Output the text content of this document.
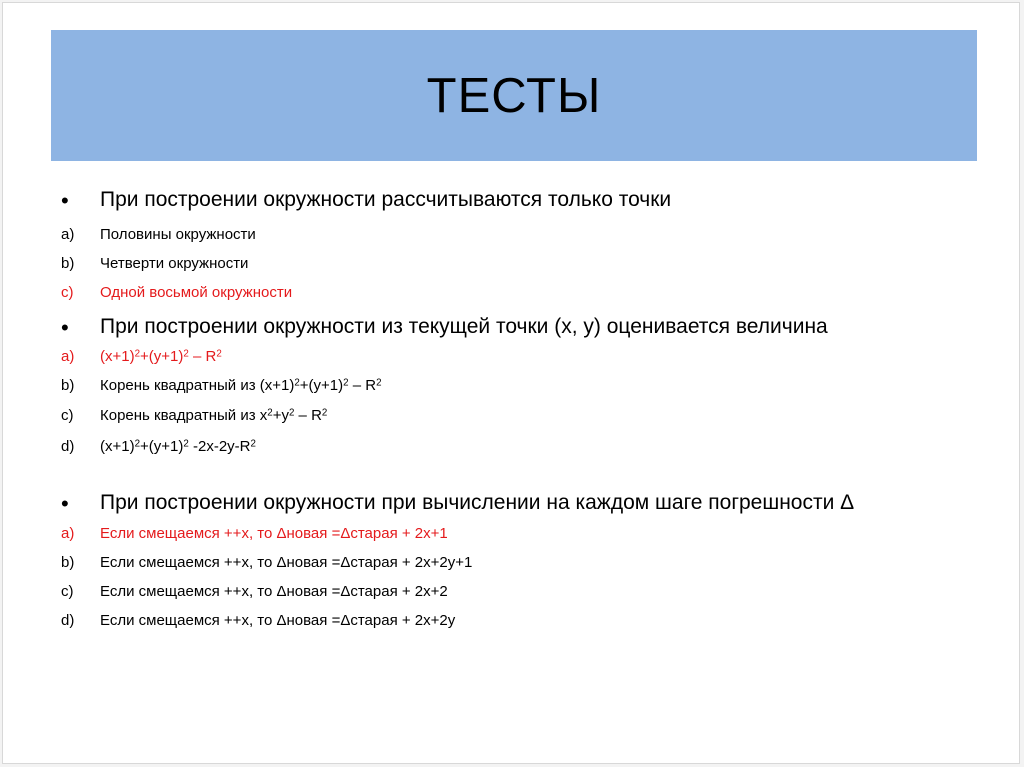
ТЕСТЫ
• При построении окружности рассчитываются только точки
a) Половины окружности
b) Четверти окружности
c) Одной восьмой окружности
• При построении окружности из текущей точки (x, y) оценивается величина
a) $(x+1)^2+(y+1)^2 - R^2$
b) Корень квадратный из $(x+1)^2+(y+1)^2 - R^2$
c) Корень квадратный из $x^2+y^2 - R^2$
d) $(x+1)^2+(y+1)^2$ $-2x-2y-R^2$
• При построении окружности при вычислении на каждом шаге погрешности Δ
a) Если смещаемся ++x, то Δновая =Δстарая + 2x+1
b) Если смещаемся ++x, то Δновая =Δстарая + 2x+2y+1
c) Если смещаемся ++x, то Δновая =Δстарая + 2x+2
d) Если смещаемся ++x, то Δновая =Δстарая + 2x+2y
